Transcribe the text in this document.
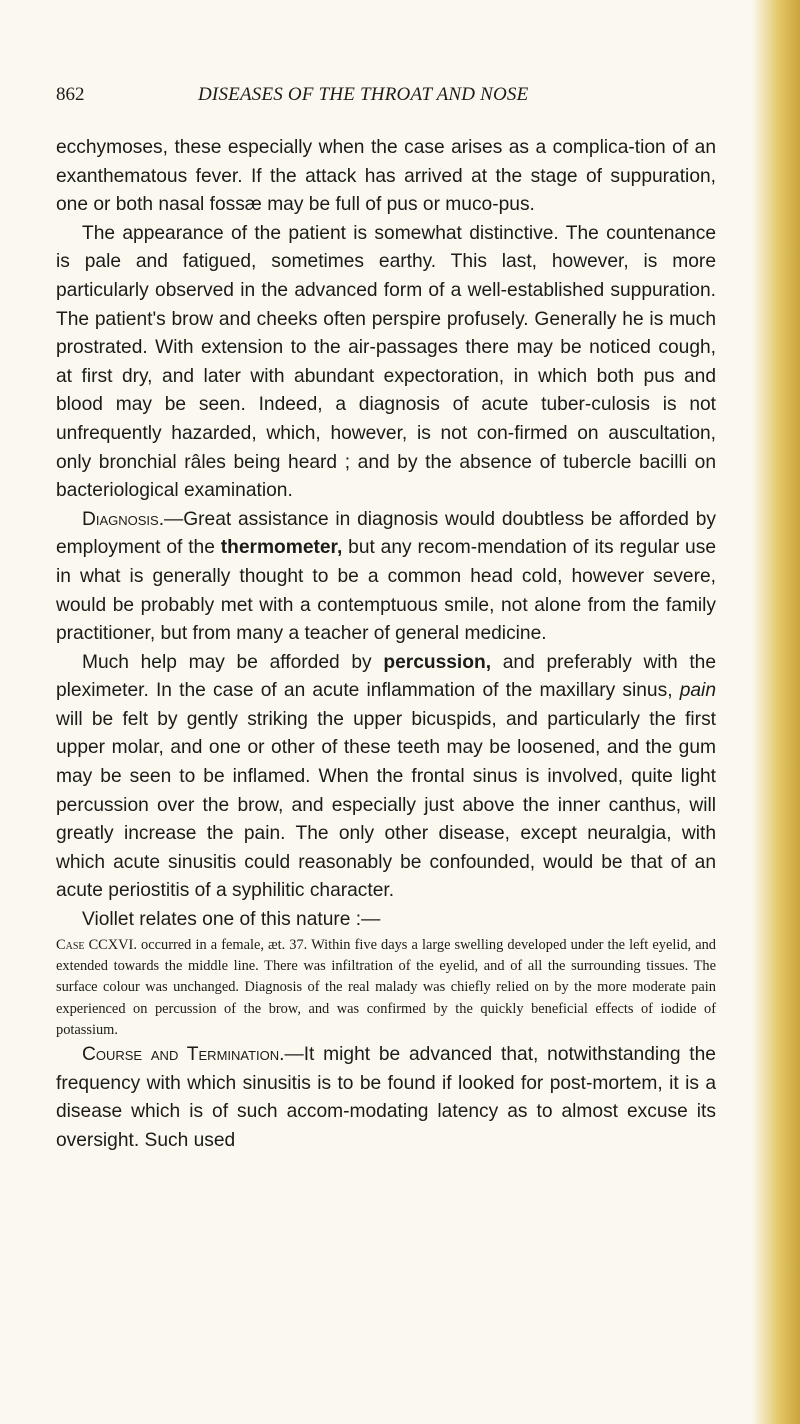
862	DISEASES OF THE THROAT AND NOSE

ecchymoses, these especially when the case arises as a complica-tion of an exanthematous fever. If the attack has arrived at the stage of suppuration, one or both nasal fossæ may be full of pus or muco-pus.

The appearance of the patient is somewhat distinctive. The countenance is pale and fatigued, sometimes earthy. This last, however, is more particularly observed in the advanced form of a well-established suppuration. The patient's brow and cheeks often perspire profusely. Generally he is much prostrated. With extension to the air-passages there may be noticed cough, at first dry, and later with abundant expectoration, in which both pus and blood may be seen. Indeed, a diagnosis of acute tuber-culosis is not unfrequently hazarded, which, however, is not con-firmed on auscultation, only bronchial râles being heard ; and by the absence of tubercle bacilli on bacteriological examination.

Diagnosis.—Great assistance in diagnosis would doubtless be afforded by employment of the thermometer, but any recom-mendation of its regular use in what is generally thought to be a common head cold, however severe, would be probably met with a contemptuous smile, not alone from the family practitioner, but from many a teacher of general medicine.

Much help may be afforded by percussion, and preferably with the pleximeter. In the case of an acute inflammation of the maxillary sinus, pain will be felt by gently striking the upper bicuspids, and particularly the first upper molar, and one or other of these teeth may be loosened, and the gum may be seen to be inflamed. When the frontal sinus is involved, quite light percussion over the brow, and especially just above the inner canthus, will greatly increase the pain. The only other disease, except neuralgia, with which acute sinusitis could reasonably be confounded, would be that of an acute periostitis of a syphilitic character.

Viollet relates one of this nature :—

Case CCXVI. occurred in a female, æt. 37. Within five days a large swelling developed under the left eyelid, and extended towards the middle line. There was infiltration of the eyelid, and of all the surrounding tissues. The surface colour was unchanged. Diagnosis of the real malady was chiefly relied on by the more moderate pain experienced on percussion of the brow, and was confirmed by the quickly beneficial effects of iodide of potassium.

Course and Termination.—It might be advanced that, notwithstanding the frequency with which sinusitis is to be found if looked for post-mortem, it is a disease which is of such accom-modating latency as to almost excuse its oversight. Such used
